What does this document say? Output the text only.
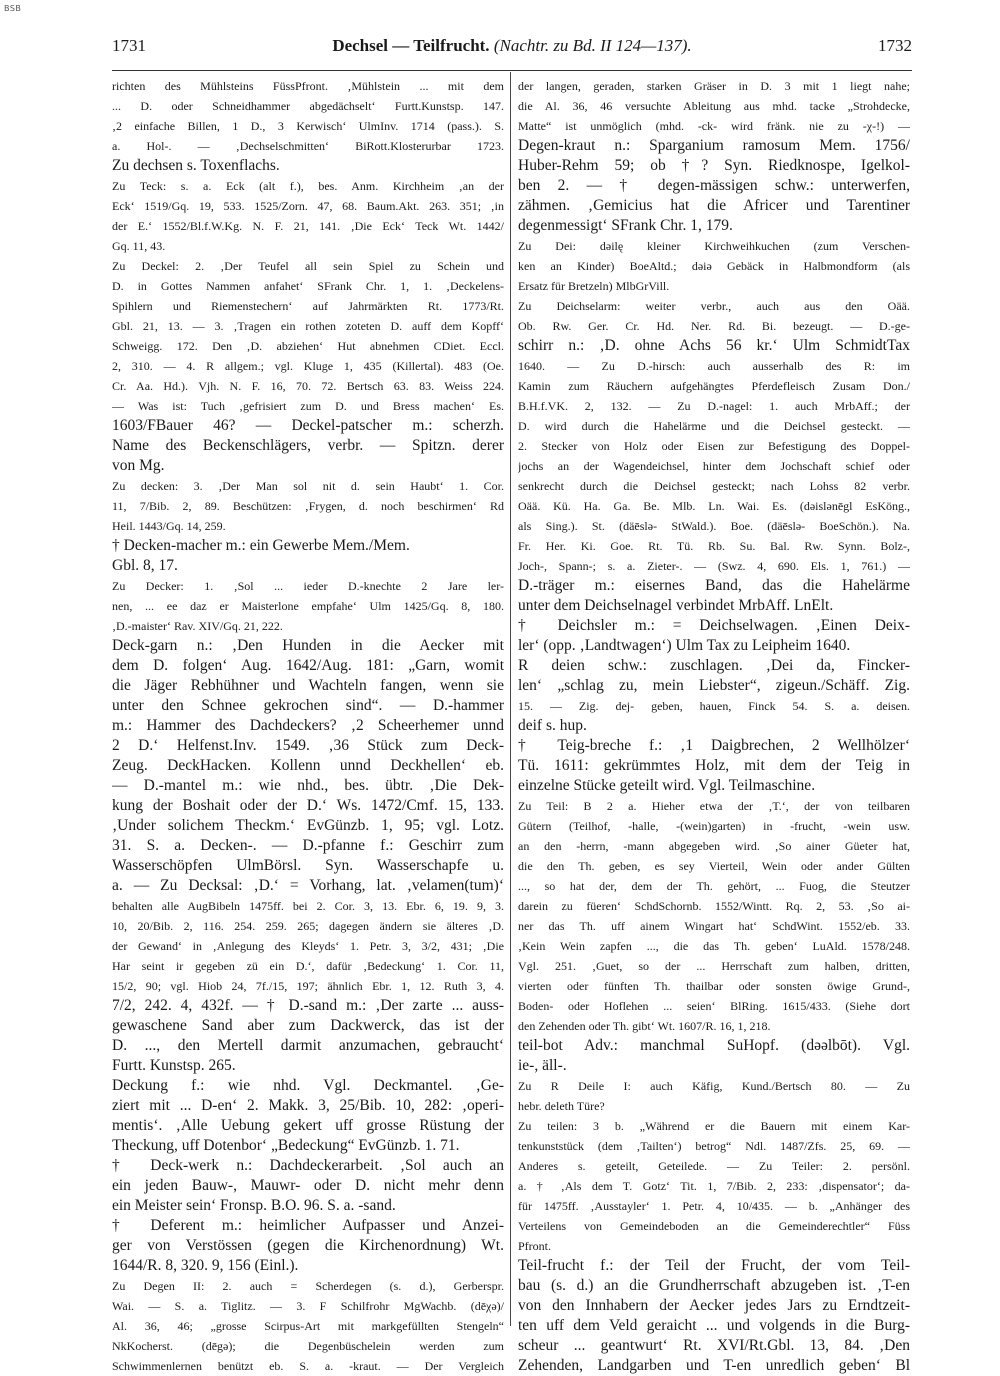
BSB
1731	Dechsel — Teilfrucht. (Nachtr. zu Bd. II 124—137).	1732
richten des Mühlsteins FüssPfront. ‚Mühlstein ... mit dem
... D. oder Schneidhammer abgedächselt‘ Furtt.Kunstsp. 147.
‚2 einfache Billen, 1 D., 3 Kerwisch‘ UlmInv. 1714 (pass.). S.
a. Hol-. — ‚Dechselschmitten‘ BiRott.Klosterurbar 1723.
Zu dechsen s. Toxenflachs.
Zu Teck: s. a. Eck (alt f.), bes. Anm. Kirchheim ‚an der
Eck‘ 1519/Gq. 19, 533. 1525/Zorn. 47, 68. Baum.Akt. 263. 351; ‚in
der E.‘ 1552/Bl.f.W.Kg. N. F. 21, 141. ‚Die Eck‘ Teck Wt. 1442/
Gq. 11, 43.
Zu Deckel: 2. ‚Der Teufel all sein Spiel zu Schein und
D. in Gottes Nammen anfahet‘ SFrank Chr. 1, 1. ‚Deckelens-
Spihlern und Riemenstechern‘ auf Jahrmärkten Rt. 1773/Rt.
Gbl. 21, 13. — 3. ‚Tragen ein rothen zoteten D. auff dem Kopff‘
Schweigg. 172. Den ‚D. abziehen‘ Hut abnehmen CDiet. Eccl.
2, 310. — 4. R allgem.; vgl. Kluge 1, 435 (Killertal). 483 (Oe.
Cr. Aa. Hd.). Vjh. N. F. 16, 70. 72. Bertsch 63. 83. Weiss 224.
— Was ist: Tuch ‚gefrisiert zum D. und Bress machen‘ Es.
1603/FBauer 46? — Deckel-patscher m.: scherzh.
Name des Beckenschlägers, verbr. — Spitzn. derer
von Mg.
Zu decken: 3. ‚Der Man sol nit d. sein Haubt‘ 1. Cor.
11, 7/Bib. 2, 89. Beschützen: ‚Frygen, d. noch beschirmen‘ Rd
Heil. 1443/Gq. 14, 259.
† Decken-macher m.: ein Gewerbe Mem./Mem.
Gbl. 8, 17.
Zu Decker: 1. ‚Sol ... ieder D.-knechte 2 Jare ler-
nen, ... ee daz er Maisterlone empfahe‘ Ulm 1425/Gq. 8, 180.
‚D.-maister‘ Rav. XIV/Gq. 21, 222.
Deck-garn n.: ‚Den Hunden in die Aecker mit
dem D. folgen‘ Aug. 1642/Aug. 181: „Garn, womit
die Jäger Rebhühner und Wachteln fangen, wenn sie
unter den Schnee gekrochen sind“. — D.-hammer
m.: Hammer des Dachdeckers? ‚2 Scheerhemer unnd
2 D.‘ Helfenst.Inv. 1549. ‚36 Stück zum Deck-
Zeug. DeckHacken. Kollenn unnd Deckhellen‘ eb.
— D.-mantel m.: wie nhd., bes. übtr. ‚Die Dek-
kung der Boshait oder der D.‘ Ws. 1472/Cmf. 15, 133.
‚Under solichem Theckm.‘ EvGünzb. 1, 95; vgl. Lotz.
31. S. a. Decken-. — D.-pfanne f.: Geschirr zum
Wasserschöpfen UlmBörsl. Syn. Wasserschapfe u.
a. — Zu Decksal: ‚D.‘ = Vorhang, lat. ‚velamen(tum)‘
behalten alle AugBibeln 1475ff. bei 2. Cor. 3, 13. Ebr. 6, 19. 9, 3.
10, 20/Bib. 2, 116. 254. 259. 265; dagegen ändern sie älteres ‚D.
der Gewand‘ in ‚Anlegung des Kleyds‘ 1. Petr. 3, 3/2, 431; ‚Die
Har seint ir gegeben zü ein D.‘, dafür ‚Bedeckung‘ 1. Cor. 11,
15/2, 90; vgl. Hiob 24, 7f./15, 197; ähnlich Ebr. 1, 12. Ruth 3, 4.
7/2, 242. 4, 432f. — † D.-sand m.: ‚Der zarte ... auss-
gewaschene Sand aber zum Dackwerck, das ist der
D. ..., den Mertell darmit anzumachen, gebraucht‘
Furtt. Kunstsp. 265.
Deckung f.: wie nhd. Vgl. Deckmantel. ‚Ge-
ziert mit ... D-en‘ 2. Makk. 3, 25/Bib. 10, 282: ‚operi-
mentis‘. ‚Alle Uebung gekert uff grosse Rüstung der
Theckung, uff Dotenbor‘ „Bedeckung“ EvGünzb. 1. 71.
† Deck-werk n.: Dachdeckerarbeit. ‚Sol auch an
ein jeden Bauw-, Mauwr- oder D. nicht mehr denn
ein Meister sein‘ Fronsp. B.O. 96. S. a. -sand.
† Deferent m.: heimlicher Aufpasser und Anzei-
ger von Verstössen (gegen die Kirchenordnung) Wt.
1644/R. 8, 320. 9, 156 (Einl.).
Zu Degen II: 2. auch = Scherdegen (s. d.), Gerberspr.
Wai. — S. a. Tiglitz. — 3. F Schilfrohr MgWachb. (dēχə)/
Al. 36, 46; „grosse Scirpus-Art mit markgefüllten Stengeln“
NkKocherst. (dēgə); die Degenbüschelein werden zum
Schwimmenlernen benützt eb. S. a. -kraut. — Der Vergleich
der langen, geraden, starken Gräser in D. 3 mit 1 liegt nahe;
die Al. 36, 46 versuchte Ableitung aus mhd. tacke „Strohdecke,
Matte“ ist unmöglich (mhd. -ck- wird fränk. nie zu -χ-!) —
Degen-kraut n.: Sparganium ramosum Mem. 1756/
Huber-Rehm 59; ob †? Syn. Riedknospe, Igelkol-
ben 2. — † degen-mässigen schw.: unterwerfen,
zähmen. ‚Gemicius hat die Africer und Tarentiner
degenmessigt‘ SFrank Chr. 1, 179.
Zu Dei: dəilę kleiner Kirchweihkuchen (zum Verschen-
ken an Kinder) BoeAltd.; dəiə Gebäck in Halbmondform (als
Ersatz für Bretzeln) MlbGrVill.
Zu Deichselarm: weiter verbr., auch aus den Oää.
Ob. Rw. Ger. Cr. Hd. Ner. Rd. Bi. bezeugt. — D.-ge-
schirr n.: ‚D. ohne Achs 56 kr.‘ Ulm SchmidtTax
1640. — Zu D.-hirsch: auch ausserhalb des R: im
Kamin zum Räuchern aufgehängtes Pferdefleisch Zusam Don./
B.H.f.VK. 2, 132. — Zu D.-nagel: 1. auch MrbAff.; der
D. wird durch die Hahelärme und die Deichsel gesteckt. —
2. Stecker von Holz oder Eisen zur Befestigung des Doppel-
jochs an der Wagendeichsel, hinter dem Jochschaft schief oder
senkrecht durch die Deichsel gesteckt; nach Lohss 82 verbr.
Oää. Kü. Ha. Ga. Be. Mlb. Ln. Wai. Es. (dəislənēgl EsKöng.,
als Sing.). St. (däēslə- StWald.). Boe. (däēslə- BoeSchön.). Na.
Fr. Her. Ki. Goe. Rt. Tü. Rb. Su. Bal. Rw. Synn. Bolz-,
Joch-, Spann-; s. a. Zieter-. — (Swz. 4, 690. Els. 1, 761.) —
D.-träger m.: eisernes Band, das die Hahelärme
unter dem Deichselnagel verbindet MrbAff. LnElt.
† Deichsler m.: = Deichselwagen. ‚Einen Deix-
ler‘ (opp. ‚Landtwagen‘) Ulm Tax zu Leipheim 1640.
R deien schw.: zuschlagen. ‚Dei da, Fincker-
len‘ „schlag zu, mein Liebster“, zigeun./Schäff. Zig.
15. — Zig. dej- geben, hauen, Finck 54. S. a. deisen.
deif s. hup.
† Teig-breche f.: ‚1 Daigbrechen, 2 Wellhölzer‘
Tü. 1611: gekrümmtes Holz, mit dem der Teig in
einzelne Stücke geteilt wird. Vgl. Teilmaschine.
Zu Teil: B 2 a. Hieher etwa der ‚T.‘, der von teilbaren
Gütern (Teilhof, -halle, -(wein)garten) in -frucht, -wein usw.
an den -herrn, -mann abgegeben wird. ‚So ainer Güeter hat,
die den Th. geben, es sey Vierteil, Wein oder ander Gülten
..., so hat der, dem der Th. gehört, ... Fuog, die Steutzer
darein zu füeren‘ SchdSchornb. 1552/Wintt. Rq. 2, 53. ‚So ai-
ner das Th. uff ainem Wingart hat‘ SchdWint. 1552/eb. 33.
‚Kein Wein zapfen ..., die das Th. geben‘ LuAld. 1578/248.
Vgl. 251. ‚Guet, so der ... Herrschaft zum halben, dritten,
vierten oder fünften Th. thailbar oder sonsten öwige Grund-,
Boden- oder Hoflehen ... seien‘ BlRing. 1615/433. (Siehe dort
den Zehenden oder Th. gibt‘ Wt. 1607/R. 16, 1, 218.
teil-bot Adv.: manchmal SuHopf. (dəəlbōt). Vgl.
ie-, äll-.
Zu R Deile I: auch Käfig, Kund./Bertsch 80. — Zu
hebr. deleth Türe?
Zu teilen: 3 b. „Während er die Bauern mit einem Kar-
tenkunststück (dem ‚Tailten‘) betrog“ Ndl. 1487/Zfs. 25, 69. —
Anderes s. geteilt, Geteilede. — Zu Teiler: 2. persönl.
a. † ‚Als dem T. Gotz‘ Tit. 1, 7/Bib. 2, 233: ‚dispensator‘; da-
für 1475ff. ‚Ausstayler‘ 1. Petr. 4, 10/435. — b. „Anhänger des
Verteilens von Gemeindeboden an die Gemeinderechtler“ Füss
Pfront.
Teil-frucht f.: der Teil der Frucht, der vom Teil-
bau (s. d.) an die Grundherrschaft abzugeben ist. ‚T-en
von den Innhabern der Aecker jedes Jars zu Erndtzeit-
ten uff dem Veld geraicht ... und volgends in die Burg-
scheur ... geantwurt‘ Rt. XVI/Rt.Gbl. 13, 84. ‚Den
Zehenden, Landgarben und T-en unredlich geben‘ Bl
